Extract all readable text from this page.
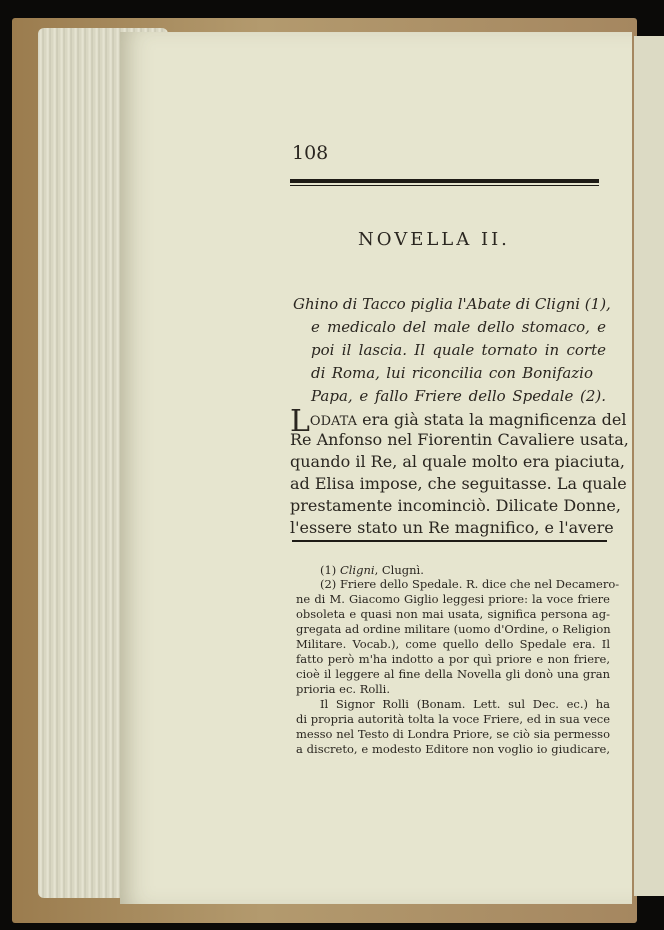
108
NOVELLA II.
Ghino di Tacco piglia l'Abate di Cligni (1),
e medicalo del male dello stomaco, e
poi il lascia. Il quale tornato in corte
di Roma, lui riconcilia con Bonifazio
Papa, e fallo Friere dello Spedale (2).
LODATA era già stata la magnificenza del
Re Anfonso nel Fiorentin Cavaliere usata,
quando il Re, al quale molto era piaciuta,
ad Elisa impose, che seguitasse. La quale
prestamente incominciò. Dilicate Donne,
l'essere stato un Re magnifico, e l'avere
(1) Cligni, Clugnì.
(2) Friere dello Spedale. R. dice che nel Decamero-
ne di M. Giacomo Giglio leggesi priore: la voce friere
obsoleta e quasi non mai usata, significa persona ag-
gregata ad ordine militare (uomo d'Ordine, o Religion
Militare. Vocab.), come quello dello Spedale era. Il
fatto però m'ha indotto a por quì priore e non friere,
cioè il leggere al fine della Novella gli donò una gran
prioria ec. Rolli.
Il Signor Rolli (Bonam. Lett. sul Dec. ec.) ha
di propria autorità tolta la voce Friere, ed in sua vece
messo nel Testo di Londra Priore, se ciò sia permesso
a discreto, e modesto Editore non voglio io giudicare,
